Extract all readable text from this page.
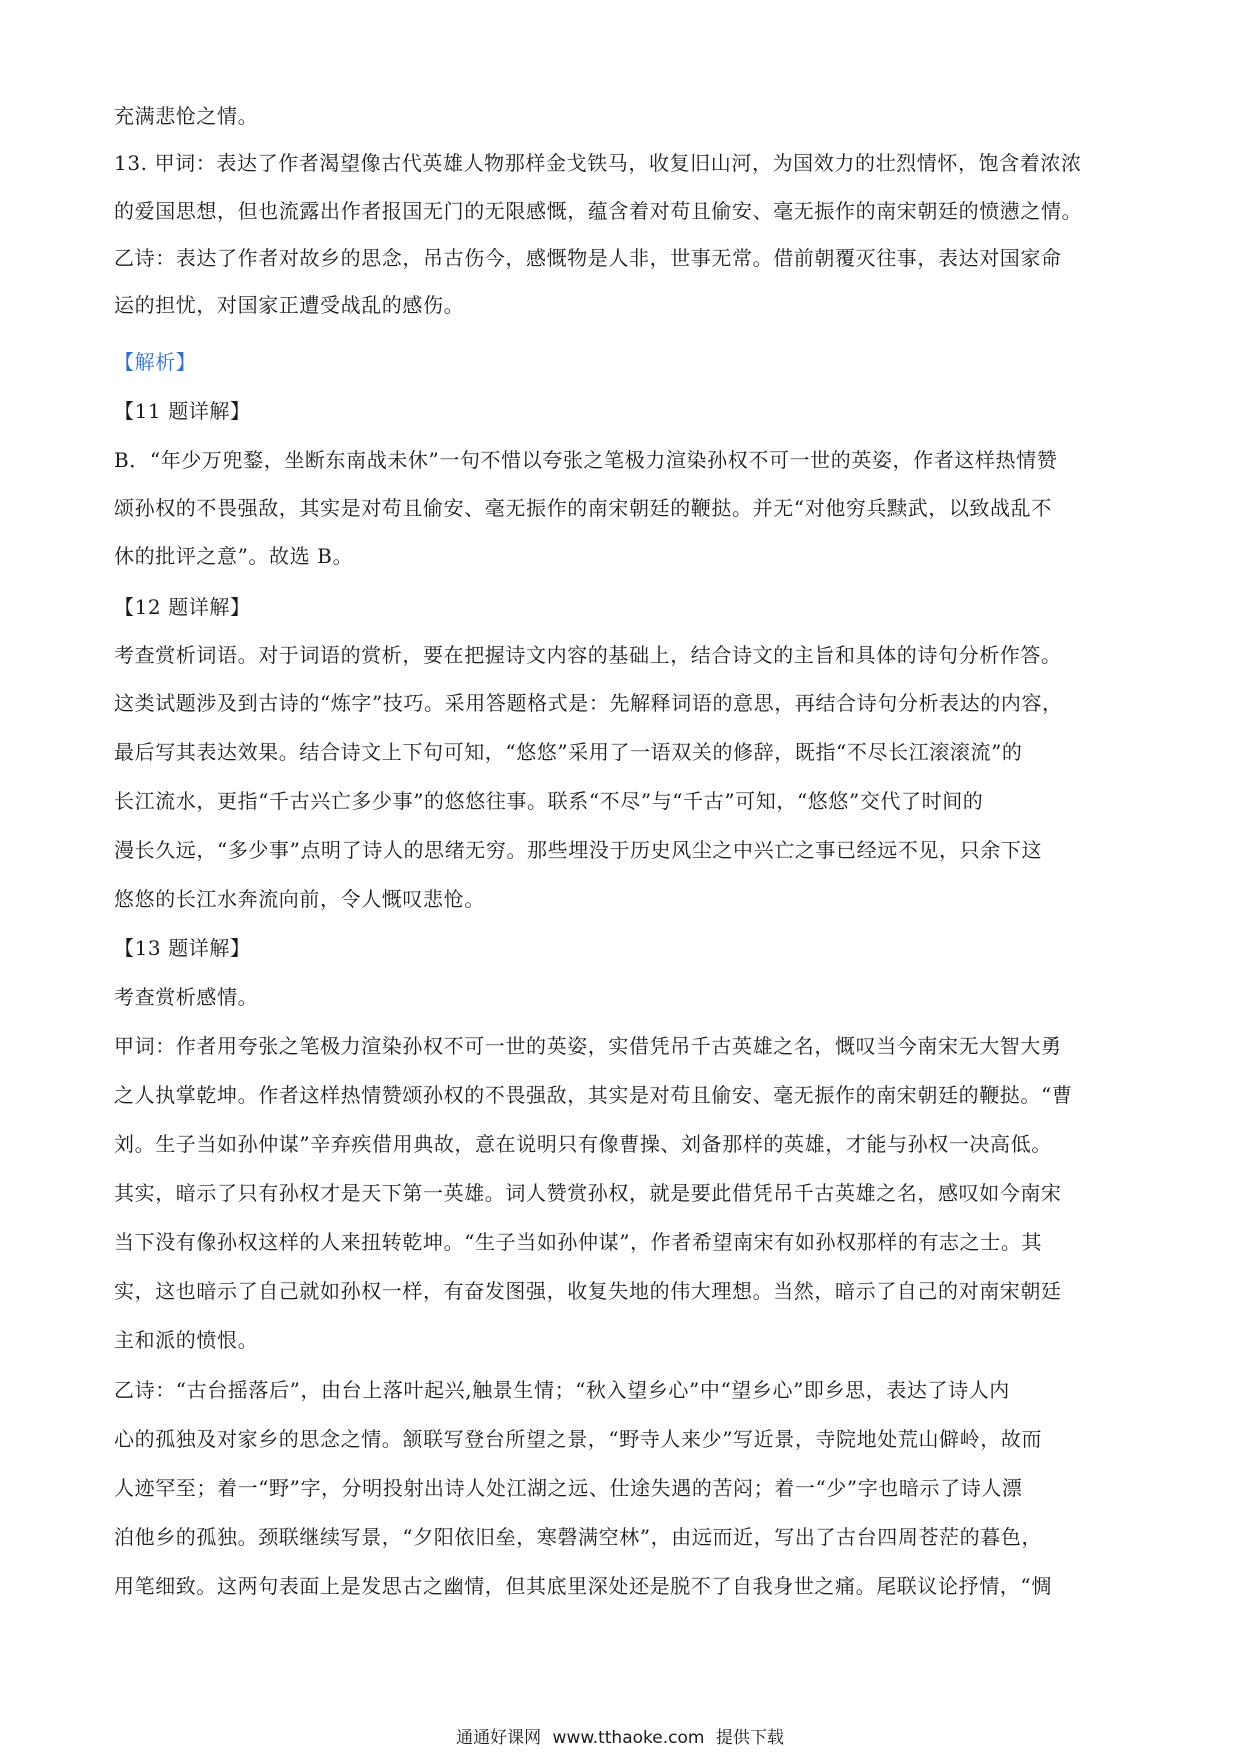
充满悲怆之情。
13. 甲词：表达了作者渴望像古代英雄人物那样金戈铁马，收复旧山河，为国效力的壮烈情怀，饱含着浓浓
的爱国思想，但也流露出作者报国无门的无限感慨，蕴含着对苟且偷安、毫无振作的南宋朝廷的愤懑之情。
乙诗：表达了作者对故乡的思念，吊古伤今，感慨物是人非，世事无常。借前朝覆灭往事，表达对国家命
运的担忧，对国家正遭受战乱的感伤。
【解析】
【11 题详解】
B．“年少万兜鍪，坐断东南战未休”一句不惜以夸张之笔极力渲染孙权不可一世的英姿，作者这样热情赞
颂孙权的不畏强敌，其实是对苟且偷安、毫无振作的南宋朝廷的鞭挞。并无“对他穷兵黩武，以致战乱不
休的批评之意”。故选 B。
【12 题详解】
考查赏析词语。对于词语的赏析，要在把握诗文内容的基础上，结合诗文的主旨和具体的诗句分析作答。
这类试题涉及到古诗的“炼字”技巧。采用答题格式是：先解释词语的意思，再结合诗句分析表达的内容，
最后写其表达效果。结合诗文上下句可知，“悠悠”采用了一语双关的修辞，既指“不尽长江滚滚流”的
长江流水，更指“千古兴亡多少事”的悠悠往事。联系“不尽”与“千古”可知，“悠悠”交代了时间的
漫长久远，“多少事”点明了诗人的思绪无穷。那些埋没于历史风尘之中兴亡之事已经远不见，只余下这
悠悠的长江水奔流向前，令人慨叹悲怆。
【13 题详解】
考查赏析感情。
甲词：作者用夸张之笔极力渲染孙权不可一世的英姿，实借凭吊千古英雄之名，慨叹当今南宋无大智大勇
之人执掌乾坤。作者这样热情赞颂孙权的不畏强敌，其实是对苟且偷安、毫无振作的南宋朝廷的鞭挞。“曹
刘。生子当如孙仲谋”辛弃疾借用典故，意在说明只有像曹操、刘备那样的英雄，才能与孙权一决高低。
其实，暗示了只有孙权才是天下第一英雄。词人赞赏孙权，就是要此借凭吊千古英雄之名，感叹如今南宋
当下没有像孙权这样的人来扭转乾坤。“生子当如孙仲谋”，作者希望南宋有如孙权那样的有志之士。其
实，这也暗示了自己就如孙权一样，有奋发图强，收复失地的伟大理想。当然，暗示了自己的对南宋朝廷
主和派的愤恨。
乙诗：“古台摇落后”，由台上落叶起兴,触景生情；“秋入望乡心”中“望乡心”即乡思，表达了诗人内
心的孤独及对家乡的思念之情。颔联写登台所望之景，“野寺人来少”写近景，寺院地处荒山僻岭，故而
人迹罕至；着一“野”字，分明投射出诗人处江湖之远、仕途失遇的苦闷；着一“少”字也暗示了诗人漂
泊他乡的孤独。颈联继续写景，“夕阳依旧垒，寒磬满空林”，由远而近，写出了古台四周苍茫的暮色，
用笔细致。这两句表面上是发思古之幽情，但其底里深处还是脱不了自我身世之痛。尾联议论抒情，“惆
通通好课网 www.tthaoke.com 提供下载
